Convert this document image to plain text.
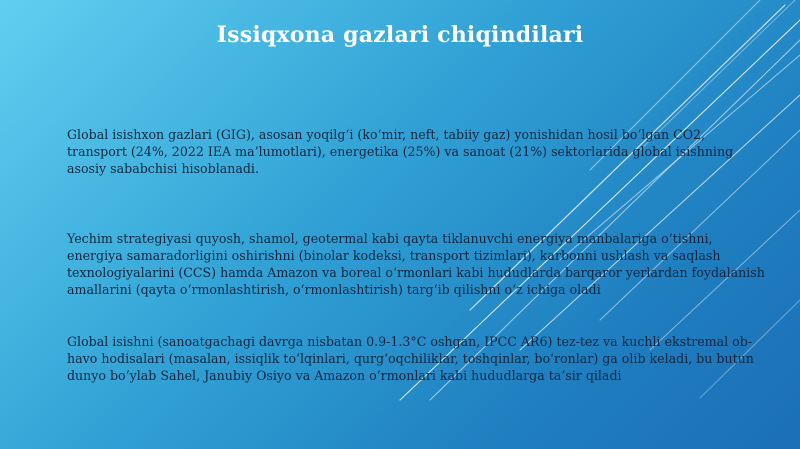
Issiqxona gazlari chiqindilari
Global isishxon gazlari (GIG), asosan yoqilg‘i (ko‘mir, neft, tabiiy gaz) yonishidan hosil bo‘lgan CO2, transport (24%, 2022 IEA ma’lumotlari), energetika (25%) va sanoat (21%) sektorlarida global isishning asosiy sababchisi hisoblanadi.
Yechim strategiyasi quyosh, shamol, geotermal kabi qayta tiklanuvchi energiya manbalariga o‘tishni, energiya samaradorligini oshirishni (binolar kodeksi, transport tizimlari), karbonni ushlash va saqlash texnologiyalarini (CCS) hamda Amazon va boreal o‘rmonlari kabi hududlarda barqaror yerlardan foydalanish amallarini (qayta o‘rmonlashtirish, o‘rmonlashtirish) targ‘ib qilishni o‘z ichiga oladi
Global isishni (sanoatgachagi davrga nisbatan 0.9-1.3°C oshgan, IPCC AR6) tez-tez va kuchli ekstremal ob-havo hodisalari (masalan, issiqlik to‘lqinlari, qurg‘oqchiliklar, toshqinlar, bo‘ronlar) ga olib keladi, bu butun dunyo bo‘ylab Sahel, Janubiy Osiyo va Amazon o‘rmonlari kabi hududlarga ta’sir qiladi
